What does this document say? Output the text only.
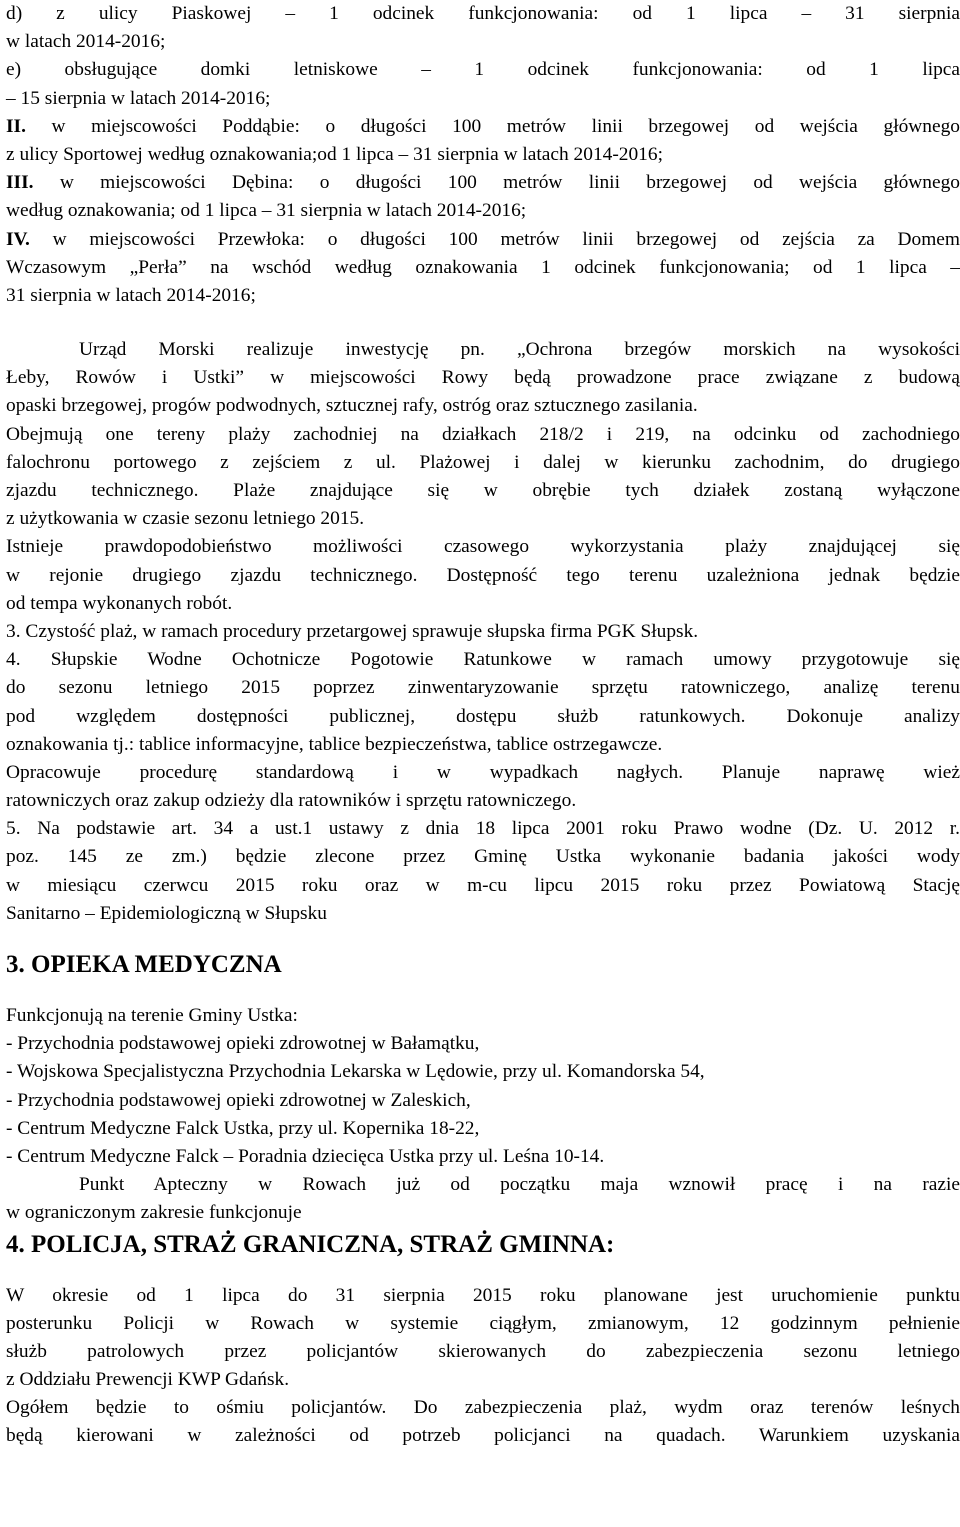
d) z ulicy Piaskowej – 1 odcinek funkcjonowania: od 1 lipca – 31 sierpnia
w latach 2014-2016;
e) obsługujące domki letniskowe – 1 odcinek funkcjonowania: od 1 lipca
– 15 sierpnia w latach 2014-2016;
II. w miejscowości Poddąbie: o długości 100 metrów linii brzegowej od wejścia głównego
z ulicy Sportowej według oznakowania;od 1 lipca – 31 sierpnia w latach 2014-2016;
III. w miejscowości Dębina: o długości 100 metrów linii brzegowej od wejścia głównego
według oznakowania; od 1 lipca – 31 sierpnia w latach 2014-2016;
IV. w miejscowości Przewłoka: o długości 100 metrów linii brzegowej od zejścia za Domem
Wczasowym „Perła” na wschód według oznakowania 1 odcinek funkcjonowania; od 1 lipca –
31 sierpnia w latach 2014-2016;
Urząd Morski realizuje inwestycję pn. „Ochrona brzegów morskich na wysokości
Łeby, Rowów i Ustki” w miejscowości Rowy będą prowadzone prace związane z budową
opaski brzegowej, progów podwodnych, sztucznej rafy, ostróg oraz sztucznego zasilania.
Obejmują one tereny plaży zachodniej na działkach 218/2 i 219, na odcinku od zachodniego
falochronu portowego z zejściem z ul. Plażowej i dalej w kierunku zachodnim, do drugiego
zjazdu technicznego. Plaże znajdujące się w obrębie tych działek zostaną wyłączone
z użytkowania w czasie sezonu letniego 2015.
Istnieje prawdopodobieństwo możliwości czasowego wykorzystania plaży znajdującej się
w rejonie drugiego zjazdu technicznego. Dostępność tego terenu uzależniona jednak będzie
od tempa wykonanych robót.
3. Czystość plaż, w ramach procedury przetargowej sprawuje słupska firma PGK Słupsk.
4. Słupskie Wodne Ochotnicze Pogotowie Ratunkowe w ramach umowy przygotowuje się
do sezonu letniego 2015 poprzez zinwentaryzowanie sprzętu ratowniczego, analizę terenu
pod względem dostępności publicznej, dostępu służb ratunkowych. Dokonuje analizy
oznakowania tj.: tablice informacyjne, tablice bezpieczeństwa, tablice ostrzegawcze.
Opracowuje procedurę standardową i w wypadkach nagłych. Planuje naprawę wież
ratowniczych oraz zakup odzieży dla ratowników i sprzętu ratowniczego.
5. Na podstawie art. 34 a ust.1 ustawy z dnia 18 lipca 2001 roku Prawo wodne (Dz. U. 2012 r.
poz. 145 ze zm.) będzie zlecone przez Gminę Ustka wykonanie badania jakości wody
w miesiącu czerwcu 2015 roku oraz w m-cu lipcu 2015 roku przez Powiatową Stację
Sanitarno – Epidemiologiczną w Słupsku
3. OPIEKA MEDYCZNA
Funkcjonują na terenie Gminy Ustka:
- Przychodnia podstawowej opieki zdrowotnej w Bałamątku,
- Wojskowa Specjalistyczna Przychodnia Lekarska w Lędowie, przy ul. Komandorska 54,
- Przychodnia podstawowej opieki zdrowotnej w Zaleskich,
- Centrum Medyczne Falck Ustka, przy ul. Kopernika 18-22,
- Centrum Medyczne Falck – Poradnia dziecięca Ustka przy ul. Leśna 10-14.
Punkt Apteczny w Rowach już od początku maja wznowił pracę i na razie
w ograniczonym zakresie funkcjonuje
4. POLICJA, STRAŻ GRANICZNA, STRAŻ GMINNA:
W okresie od 1 lipca do 31 sierpnia 2015 roku planowane jest uruchomienie punktu
posterunku Policji w Rowach w systemie ciągłym, zmianowym, 12 godzinnym pełnienie
służb patrolowych przez policjantów skierowanych do zabezpieczenia sezonu letniego
z Oddziału Prewencji KWP Gdańsk.
Ogółem będzie to ośmiu policjantów. Do zabezpieczenia plaż, wydm oraz terenów leśnych
będą kierowani w zależności od potrzeb policjanci na quadach. Warunkiem uzyskania
